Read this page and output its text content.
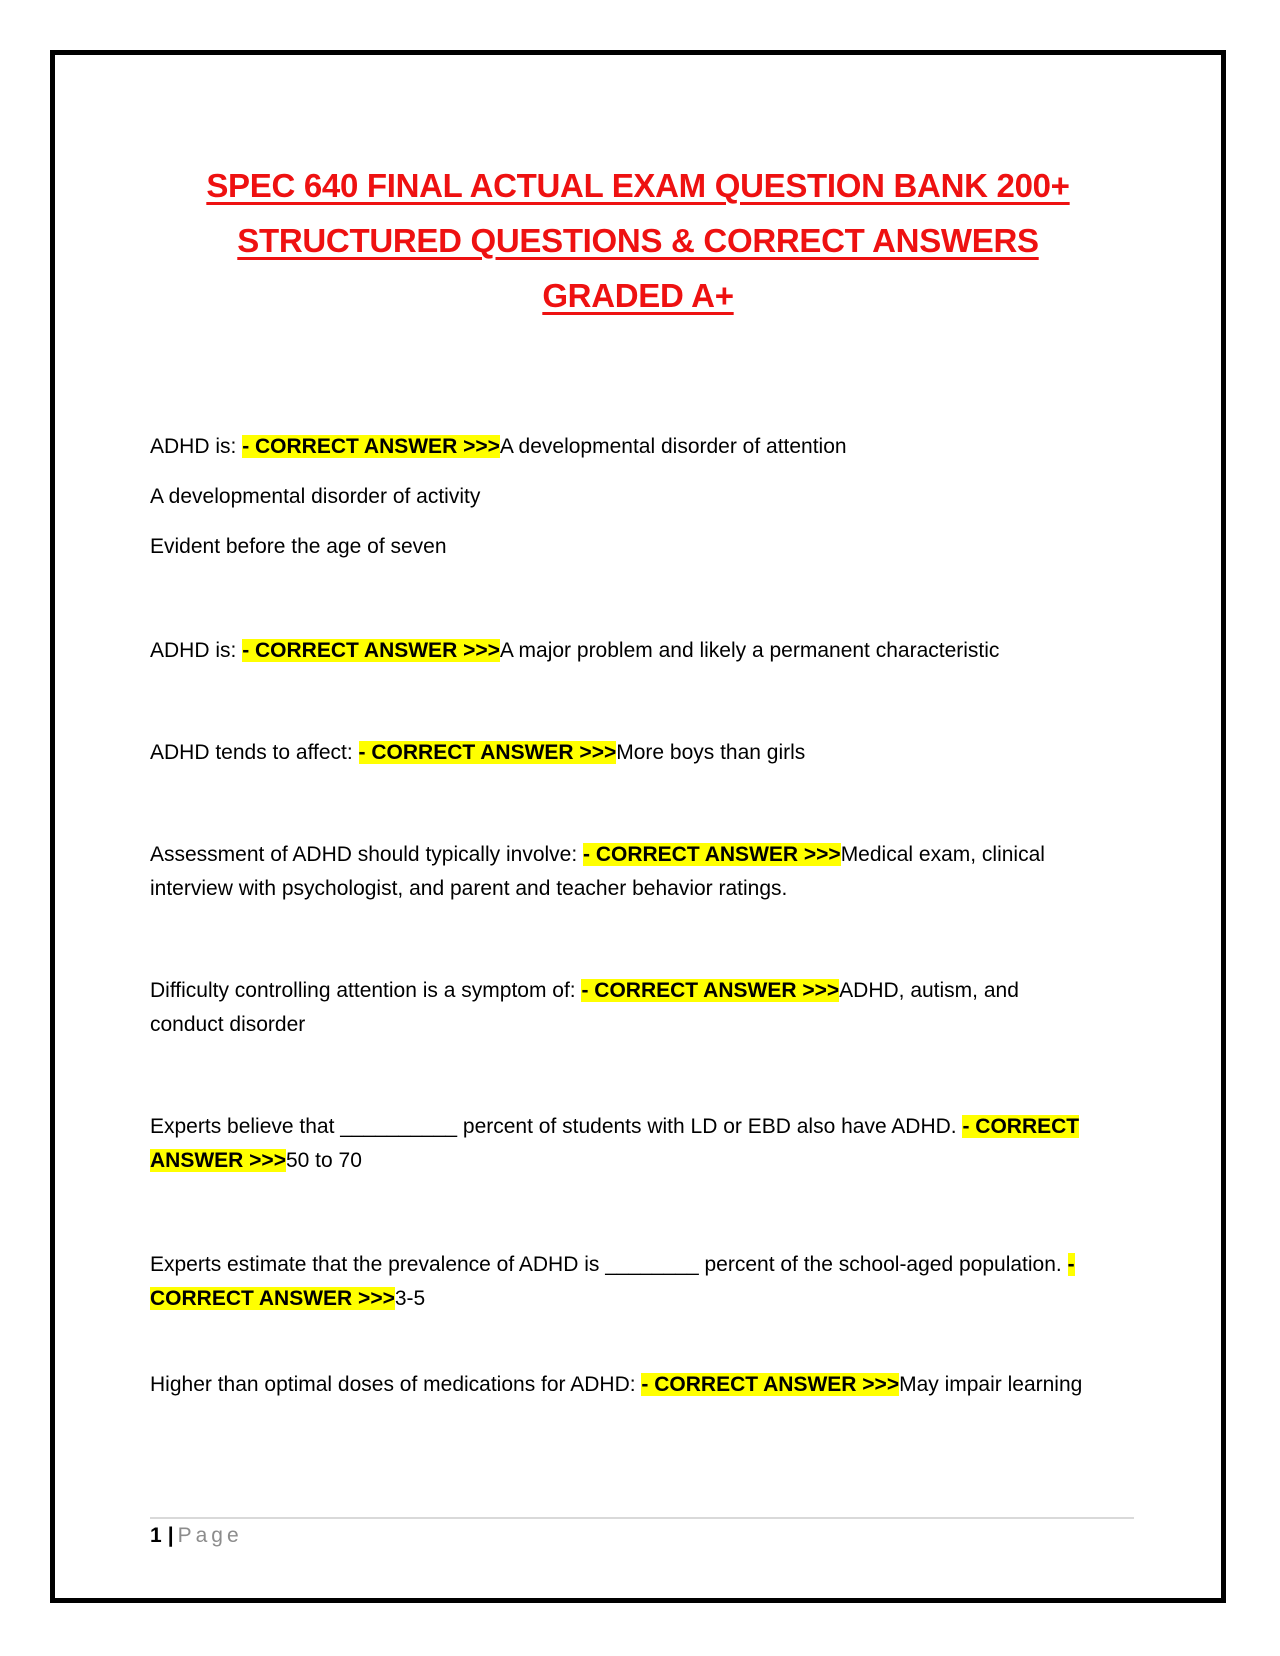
SPEC 640 FINAL ACTUAL EXAM QUESTION BANK 200+
STRUCTURED QUESTIONS & CORRECT ANSWERS
GRADED A+
ADHD is: - CORRECT ANSWER >>>A developmental disorder of attention
A developmental disorder of activity
Evident before the age of seven
ADHD is: - CORRECT ANSWER >>>A major problem and likely a permanent characteristic
ADHD tends to affect: - CORRECT ANSWER >>>More boys than girls
Assessment of ADHD should typically involve: - CORRECT ANSWER >>>Medical exam, clinical interview with psychologist, and parent and teacher behavior ratings.
Difficulty controlling attention is a symptom of: - CORRECT ANSWER >>>ADHD, autism, and conduct disorder
Experts believe that __________ percent of students with LD or EBD also have ADHD. - CORRECT ANSWER >>>50 to 70
Experts estimate that the prevalence of ADHD is ________ percent of the school-aged population. - CORRECT ANSWER >>>3-5
Higher than optimal doses of medications for ADHD: - CORRECT ANSWER >>>May impair learning
1 | Page
